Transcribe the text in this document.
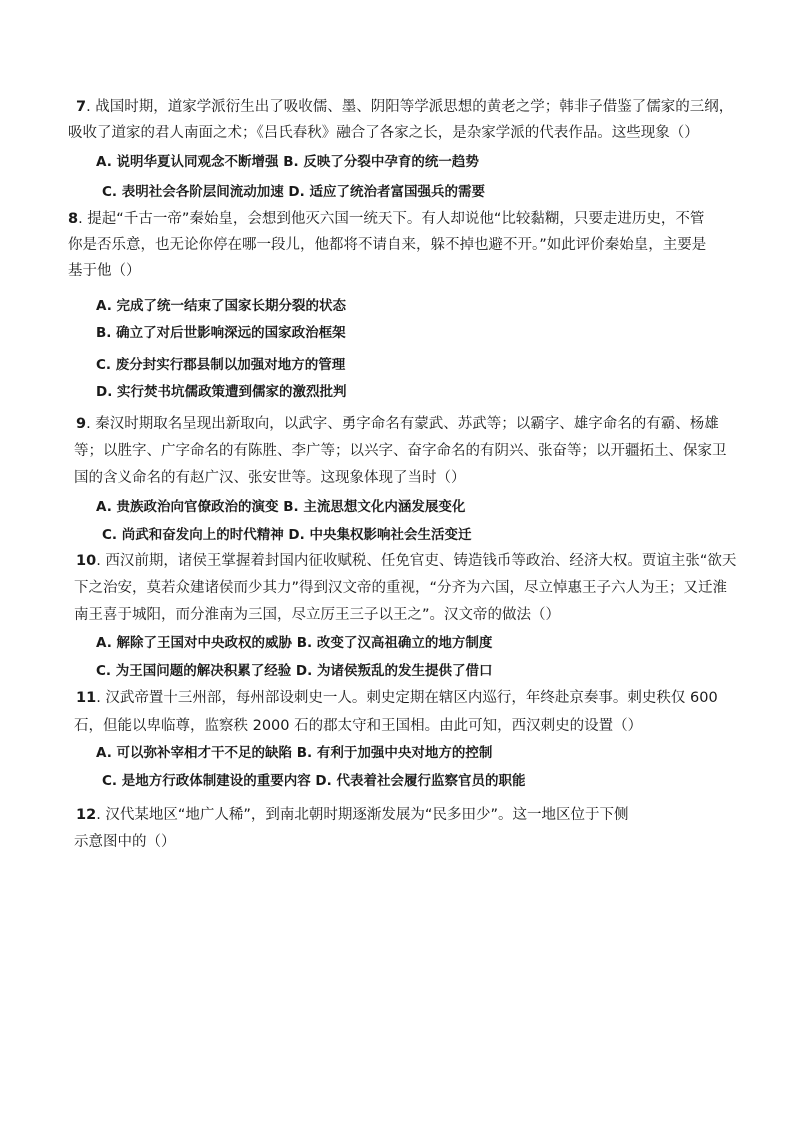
7. 战国时期，道家学派衍生出了吸收儒、墨、阴阳等学派思想的黄老之学；韩非子借鉴了儒家的三纲，
吸收了道家的君人南面之术；《吕氏春秋》融合了各家之长，是杂家学派的代表作品。这些现象（）
A. 说明华夏认同观念不断增强 B. 反映了分裂中孕育的统一趋势
C. 表明社会各阶层间流动加速 D. 适应了统治者富国强兵的需要
8. 提起“千古一帝”秦始皇，会想到他灭六国一统天下。有人却说他“比较黏糊，只要走进历史，不管
你是否乐意，也无论你停在哪一段儿，他都将不请自来，躲不掉也避不开。”如此评价秦始皇，主要是
基于他（）
A. 完成了统一结束了国家长期分裂的状态
B. 确立了对后世影响深远的国家政治框架
C. 废分封实行郡县制以加强对地方的管理
D. 实行焚书坑儒政策遭到儒家的激烈批判
9. 秦汉时期取名呈现出新取向，以武字、勇字命名有蒙武、苏武等；以霸字、雄字命名的有霸、杨雄
等；以胜字、广字命名的有陈胜、李广等；以兴字、奋字命名的有阴兴、张奋等；以开疆拓土、保家卫
国的含义命名的有赵广汉、张安世等。这现象体现了当时（）
A. 贵族政治向官僚政治的演变 B. 主流思想文化内涵发展变化
C. 尚武和奋发向上的时代精神 D. 中央集权影响社会生活变迁
10. 西汉前期，诸侯王掌握着封国内征收赋税、任免官吏、铸造钱币等政治、经济大权。贾谊主张“欲天
下之治安，莫若众建诸侯而少其力”得到汉文帝的重视，“分齐为六国，尽立悼惠王子六人为王；又迁淮
南王喜于城阳，而分淮南为三国，尽立厉王三子以王之”。汉文帝的做法（）
A. 解除了王国对中央政权的威胁 B. 改变了汉高祖确立的地方制度
C. 为王国问题的解决积累了经验 D. 为诸侯叛乱的发生提供了借口
11. 汉武帝置十三州部，每州部设刺史一人。刺史定期在辖区内巡行，年终赴京奏事。刺史秩仅 600
石，但能以卑临尊，监察秩 2000 石的郡太守和王国相。由此可知，西汉刺史的设置（）
A. 可以弥补宰相才干不足的缺陷 B. 有利于加强中央对地方的控制
C. 是地方行政体制建设的重要内容 D. 代表着社会履行监察官员的职能
12. 汉代某地区“地广人稀”，到南北朝时期逐渐发展为“民多田少”。这一地区位于下侧
示意图中的（）
